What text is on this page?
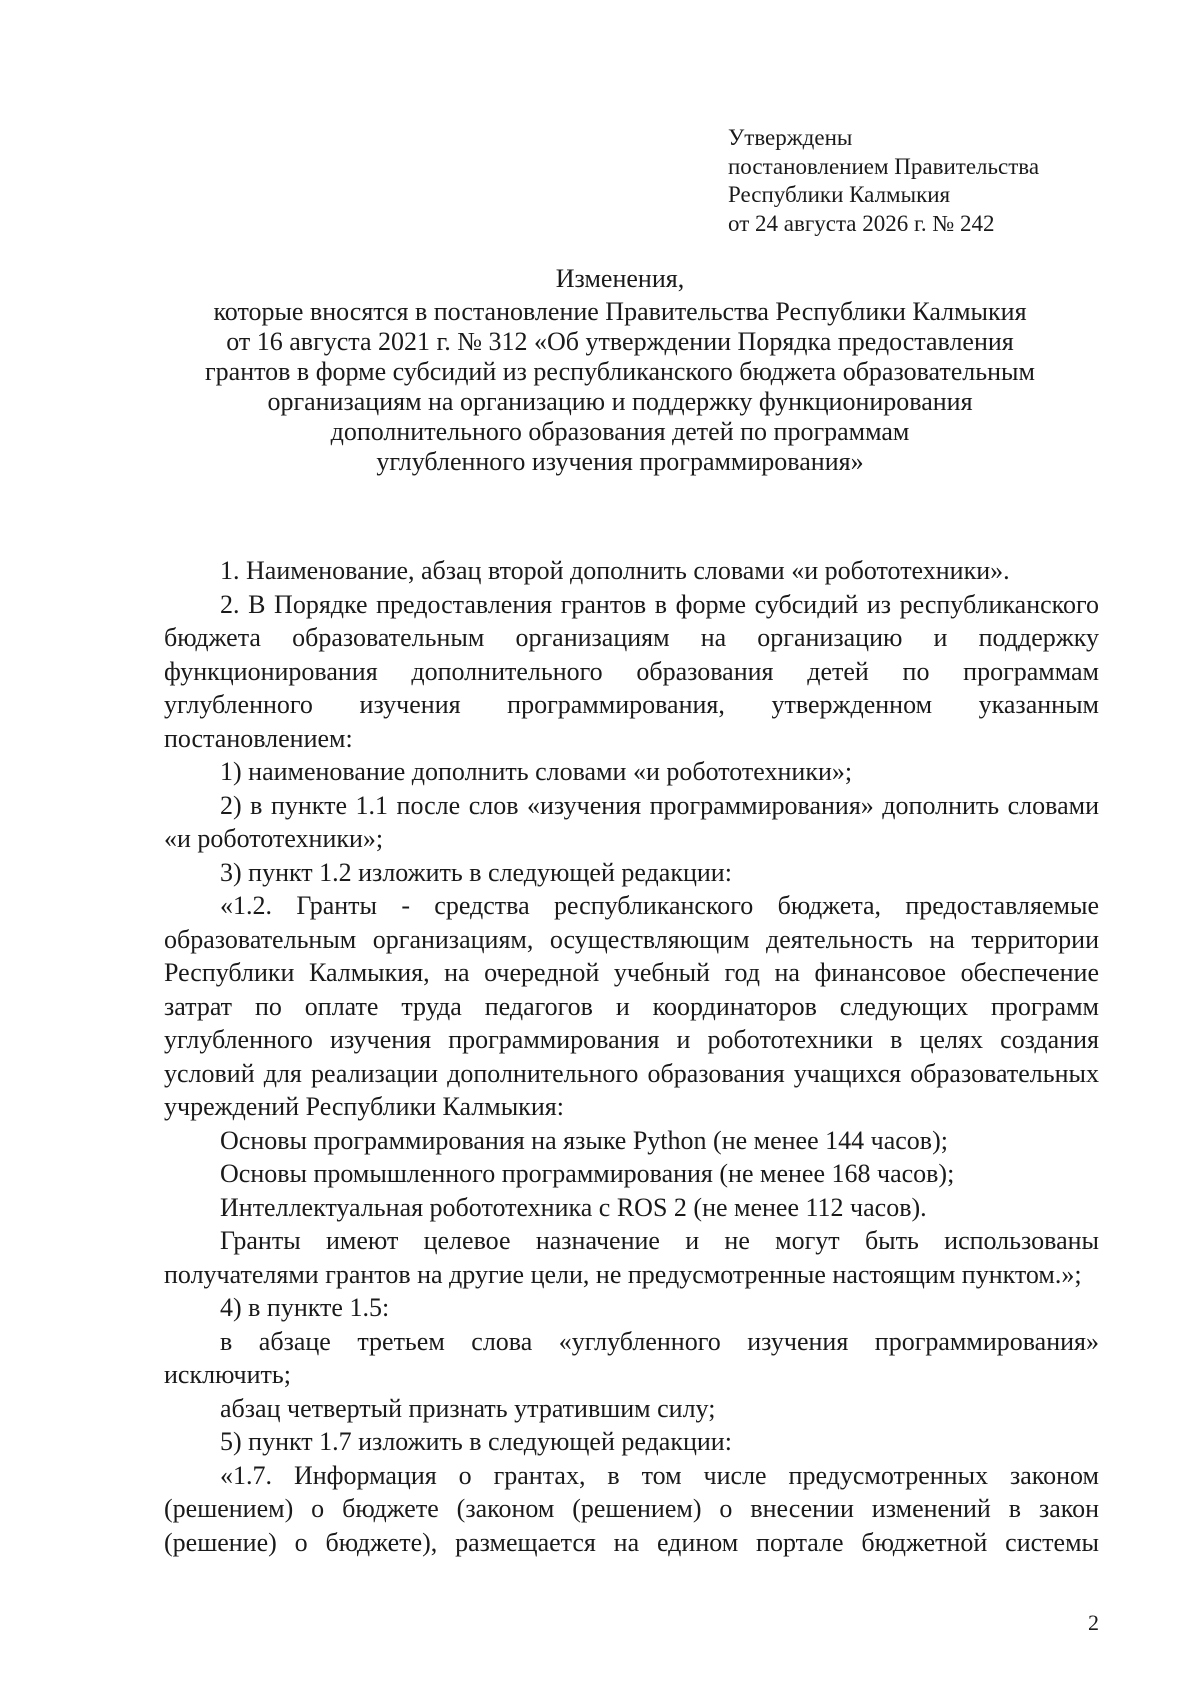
Утверждены
постановлением Правительства
Республики Калмыкия
от 24 августа 2026 г. № 242
Изменения,
которые вносятся в постановление Правительства Республики Калмыкия
от 16 августа 2021 г. № 312 «Об утверждении Порядка предоставления
грантов в форме субсидий из республиканского бюджета образовательным
организациям на организацию и поддержку функционирования
дополнительного образования детей по программам
углубленного изучения программирования»

1. Наименование, абзац второй дополнить словами «и робототехники».

2. В Порядке предоставления грантов в форме субсидий из республиканского бюджета образовательным организациям на организацию и поддержку функционирования дополнительного образования детей по программам углубленного изучения программирования, утвержденном указанным постановлением:

1) наименование дополнить словами «и робототехники»;

2) в пункте 1.1 после слов «изучения программирования» дополнить словами «и робототехники»;

3) пункт 1.2 изложить в следующей редакции:

«1.2. Гранты - средства республиканского бюджета, предоставляемые образовательным организациям, осуществляющим деятельность на территории Республики Калмыкия, на очередной учебный год на финансовое обеспечение затрат по оплате труда педагогов и координаторов следующих программ углубленного изучения программирования и робототехники в целях создания условий для реализации дополнительного образования учащихся образовательных учреждений Республики Калмыкия:

Основы программирования на языке Python (не менее 144 часов);

Основы промышленного программирования (не менее 168 часов);

Интеллектуальная робототехника с ROS 2 (не менее 112 часов).

Гранты имеют целевое назначение и не могут быть использованы получателями грантов на другие цели, не предусмотренные настоящим пунктом.»;

4) в пункте 1.5:

в абзаце третьем слова «углубленного изучения программирования» исключить;

абзац четвертый признать утратившим силу;

5) пункт 1.7 изложить в следующей редакции:

«1.7. Информация о грантах, в том числе предусмотренных законом (решением) о бюджете (законом (решением) о внесении изменений в закон (решение) о бюджете), размещается на едином портале бюджетной системы

2
